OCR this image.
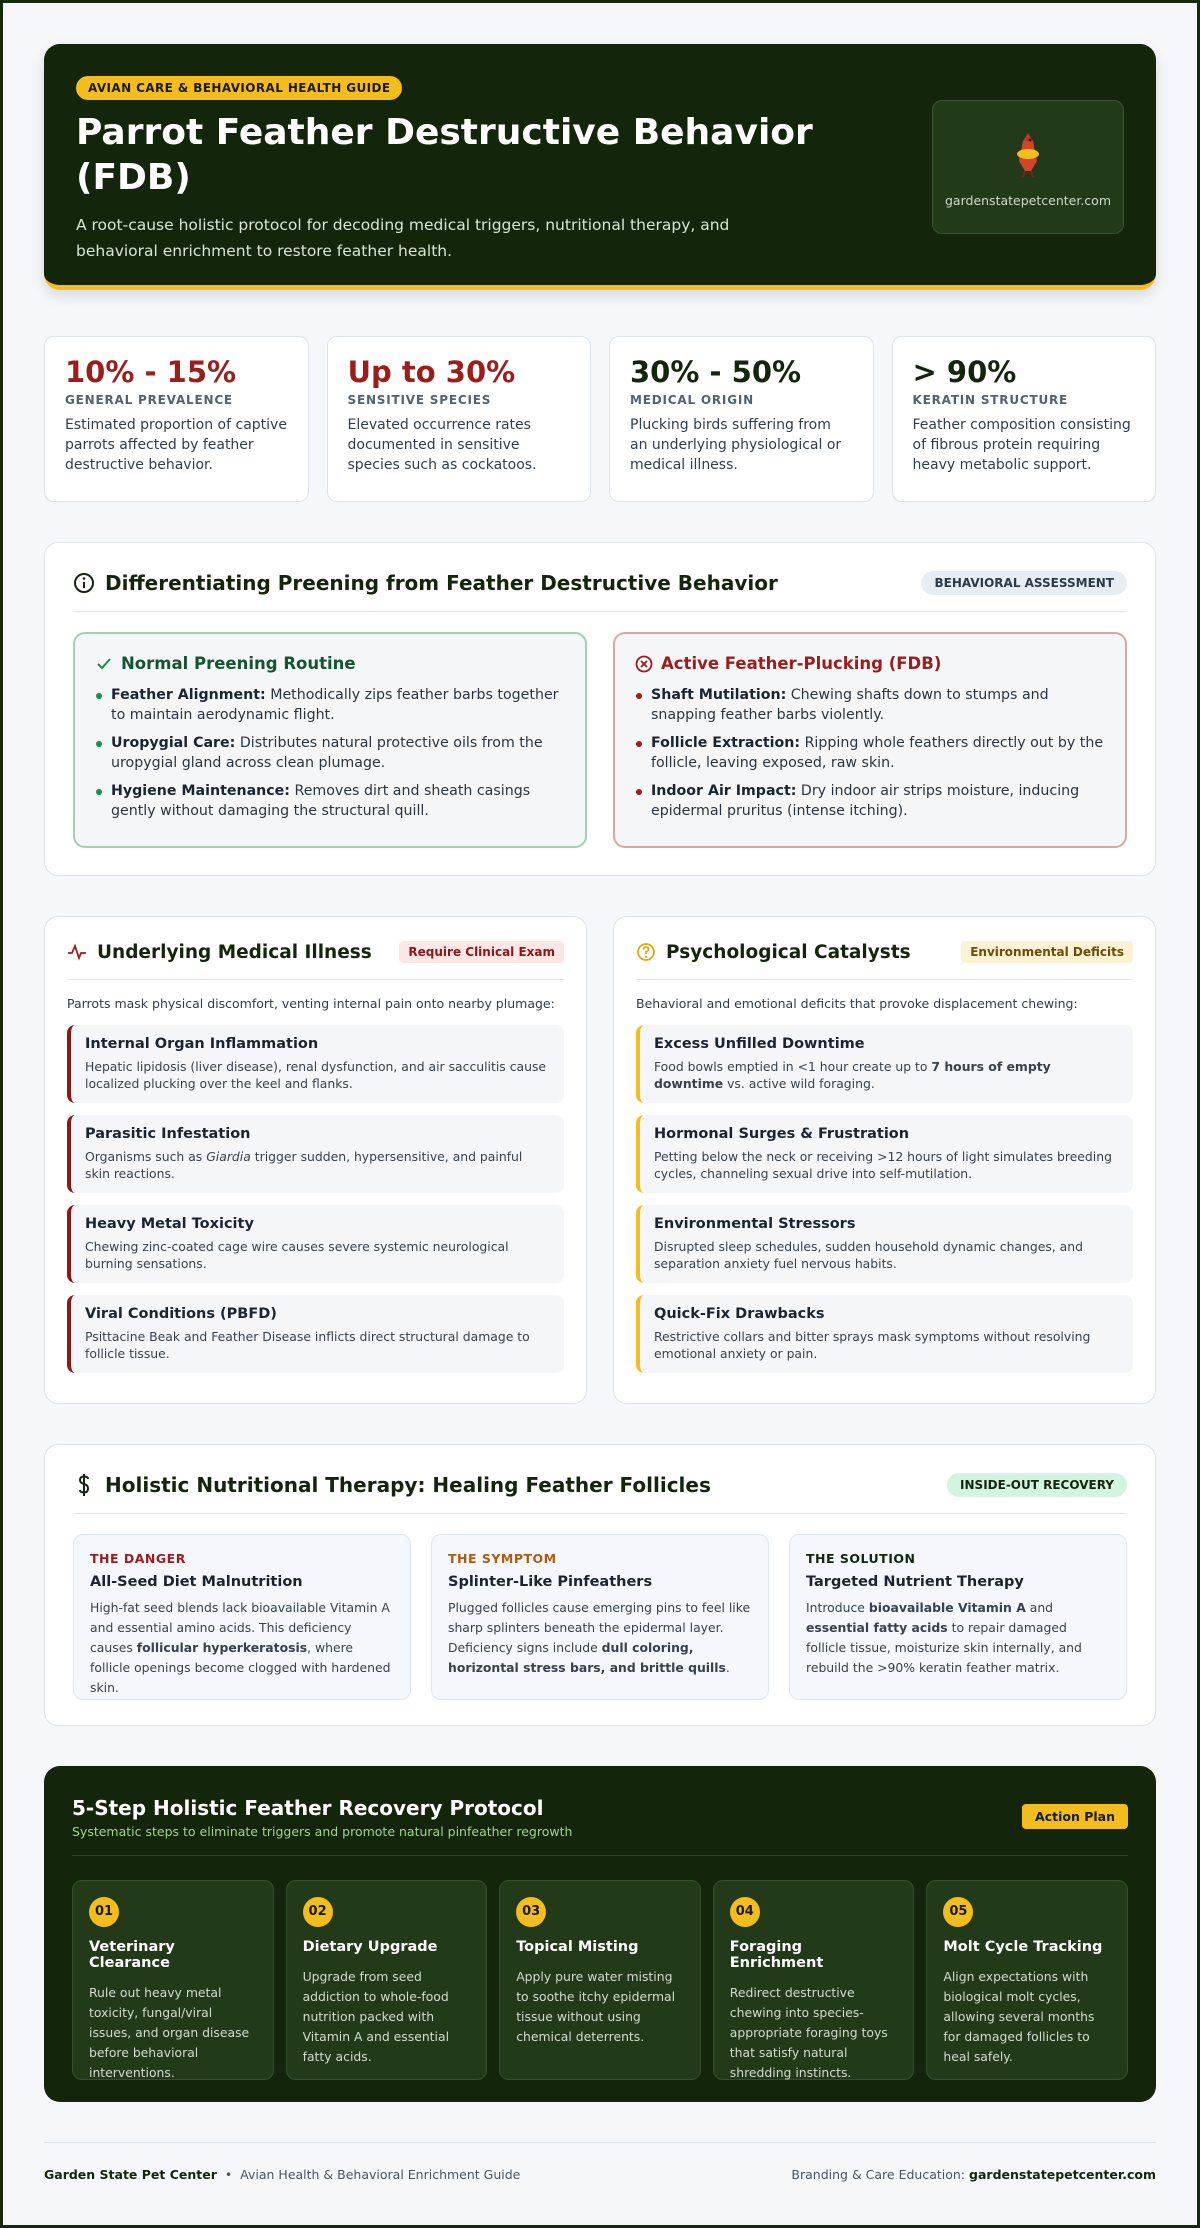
AVIAN CARE & BEHAVIORAL HEALTH GUIDE
Parrot Feather Destructive Behavior (FDB)

A root-cause holistic protocol for decoding medical triggers, nutritional therapy, and behavioral enrichment to restore feather health.

gardenstatepetcenter.com
10% - 15%
GENERAL PREVALENCE
Estimated proportion of captive parrots affected by feather destructive behavior.
Up to 30%
SENSITIVE SPECIES
Elevated occurrence rates documented in sensitive species such as cockatoos.
30% - 50%
MEDICAL ORIGIN
Plucking birds suffering from an underlying physiological or medical illness.
> 90%
KERATIN STRUCTURE
Feather composition consisting of fibrous protein requiring heavy metabolic support.
Differentiating Preening from Feather Destructive Behavior	BEHAVIORAL ASSESSMENT
Normal Preening Routine
Feather Alignment: Methodically zips feather barbs together to maintain aerodynamic flight.
Uropygial Care: Distributes natural protective oils from the uropygial gland across clean plumage.
Hygiene Maintenance: Removes dirt and sheath casings gently without damaging the structural quill.
Active Feather-Plucking (FDB)
Shaft Mutilation: Chewing shafts down to stumps and snapping feather barbs violently.
Follicle Extraction: Ripping whole feathers directly out by the follicle, leaving exposed, raw skin.
Indoor Air Impact: Dry indoor air strips moisture, inducing epidermal pruritus (intense itching).
Underlying Medical Illness	Require Clinical Exam
Parrots mask physical discomfort, venting internal pain onto nearby plumage:
Internal Organ Inflammation

Hepatic lipidosis (liver disease), renal dysfunction, and air sacculitis cause localized plucking over the keel and flanks.

Parasitic Infestation

Organisms such as Giardia trigger sudden, hypersensitive, and painful skin reactions.

Heavy Metal Toxicity

Chewing zinc-coated cage wire causes severe systemic neurological burning sensations.

Viral Conditions (PBFD)

Psittacine Beak and Feather Disease inflicts direct structural damage to follicle tissue.

Psychological Catalysts	Environmental Deficits
Behavioral and emotional deficits that provoke displacement chewing:
Excess Unfilled Downtime

Food bowls emptied in <1 hour create up to 7 hours of empty downtime vs. active wild foraging.

Hormonal Surges & Frustration

Petting below the neck or receiving >12 hours of light simulates breeding cycles, channeling sexual drive into self-mutilation.

Environmental Stressors

Disrupted sleep schedules, sudden household dynamic changes, and separation anxiety fuel nervous habits.

Quick-Fix Drawbacks

Restrictive collars and bitter sprays mask symptoms without resolving emotional anxiety or pain.

Holistic Nutritional Therapy: Healing Feather Follicles	INSIDE-OUT RECOVERY
THE DANGER
All-Seed Diet Malnutrition

High-fat seed blends lack bioavailable Vitamin A and essential amino acids. This deficiency causes follicular hyperkeratosis, where follicle openings become clogged with hardened skin.

THE SYMPTOM
Splinter-Like Pinfeathers

Plugged follicles cause emerging pins to feel like sharp splinters beneath the epidermal layer. Deficiency signs include dull coloring, horizontal stress bars, and brittle quills.

THE SOLUTION
Targeted Nutrient Therapy

Introduce bioavailable Vitamin A and essential fatty acids to repair damaged follicle tissue, moisturize skin internally, and rebuild the >90% keratin feather matrix.

5-Step Holistic Feather Recovery Protocol
Systematic steps to eliminate triggers and promote natural pinfeather regrowth
Action Plan
01
Veterinary Clearance

Rule out heavy metal toxicity, fungal/viral issues, and organ disease before behavioral interventions.

02
Dietary Upgrade

Upgrade from seed addiction to whole-food nutrition packed with Vitamin A and essential fatty acids.

03
Topical Misting

Apply pure water misting to soothe itchy epidermal tissue without using chemical deterrents.

04
Foraging Enrichment

Redirect destructive chewing into species-appropriate foraging toys that satisfy natural shredding instincts.

05
Molt Cycle Tracking

Align expectations with biological molt cycles, allowing several months for damaged follicles to heal safely.

Garden State Pet Center • Avian Health & Behavioral Enrichment Guide	Branding & Care Education: gardenstatepetcenter.com
